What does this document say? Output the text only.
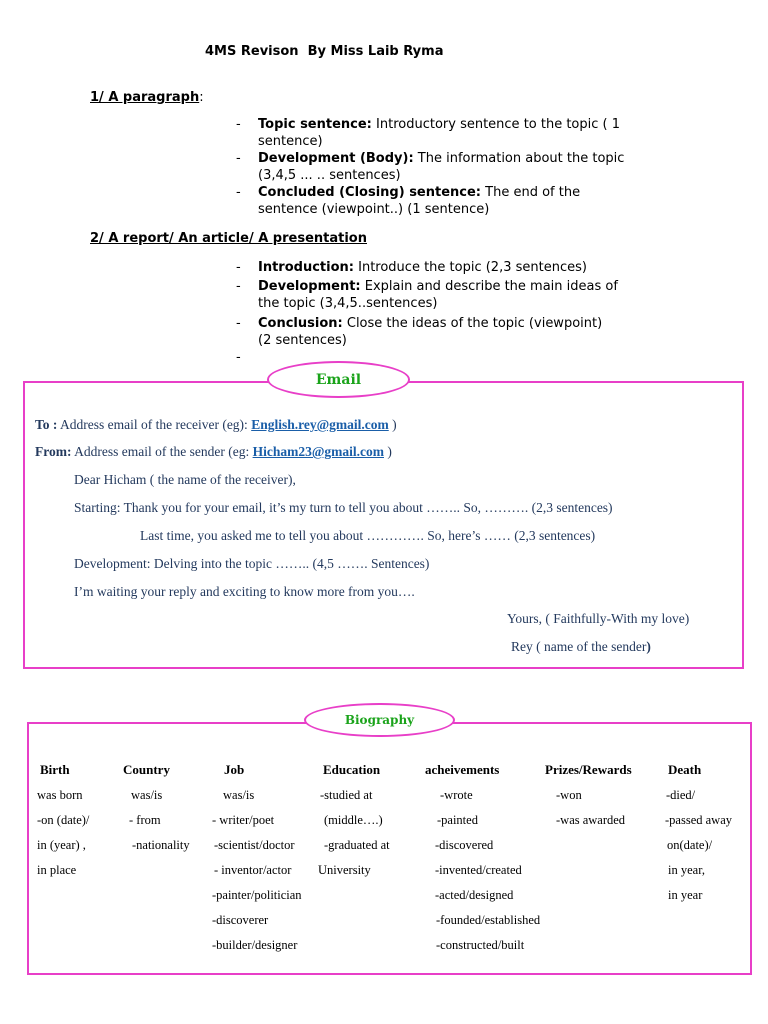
4MS Revison  By Miss Laib Ryma
1/ A paragraph:
- Topic sentence: Introductory sentence to the topic ( 1
sentence)
- Development (Body): The information about the topic
(3,4,5 ... .. sentences)
- Concluded (Closing) sentence: The end of the
sentence (viewpoint..) (1 sentence)
2/ A report/ An article/ A presentation
- Introduction: Introduce the topic (2,3 sentences)
- Development: Explain and describe the main ideas of
the topic (3,4,5..sentences)
- Conclusion: Close the ideas of the topic (viewpoint)
(2 sentences)
-
Email
To : Address email of the receiver (eg): English.rey@gmail.com )
From: Address email of the sender (eg: Hicham23@gmail.com )
Dear Hicham ( the name of the receiver),
Starting: Thank you for your email, it’s my turn to tell you about …….. So, ………. (2,3 sentences)
Last time, you asked me to tell you about …………. So, here’s …… (2,3 sentences)
Development: Delving into the topic …….. (4,5 ……. Sentences)
I’m waiting your reply and exciting to know more from you….
Yours, ( Faithfully-With my love)
Rey ( name of the sender)
Biography
Birth
was born
-on (date)/
in (year) ,
in place
Country
was/is
- from
-nationality
Job
was/is
- writer/poet
-scientist/doctor
- inventor/actor
-painter/politician
-discoverer
-builder/designer
Education
-studied at
(middle….)
-graduated at
University
acheivements
-wrote
-painted
-discovered
-invented/created
-acted/designed
-founded/established
-constructed/built
Prizes/Rewards
-won
-was awarded
Death
-died/
-passed away
on(date)/
in year,
in year
